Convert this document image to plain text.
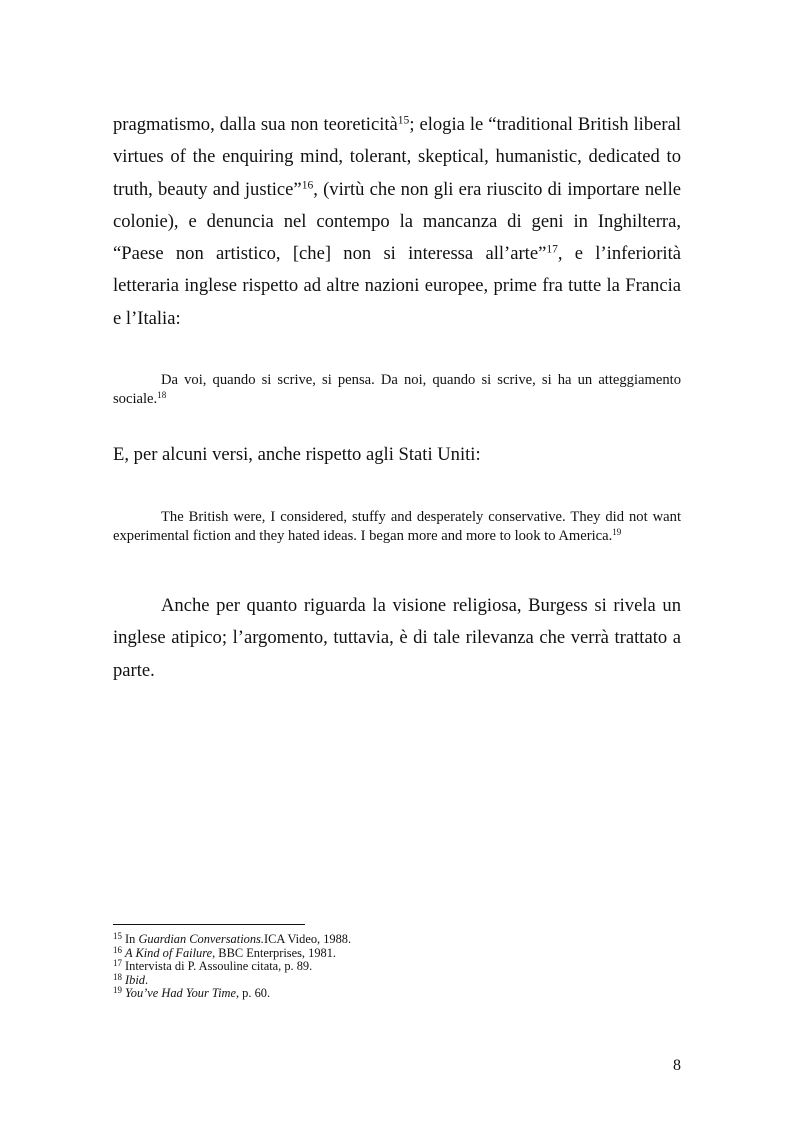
pragmatismo, dalla sua non teoreticità$^{15}$; elogia le “traditional British liberal virtues of the enquiring mind, tolerant, skeptical, humanistic, dedicated to truth, beauty and justice”$^{16}$, (virtù che non gli era riuscito di importare nelle colonie), e denuncia nel contempo la mancanza di geni in Inghilterra, “Paese non artistico, [che] non si interessa all’arte”$^{17}$, e l’inferiorità letteraria inglese rispetto ad altre nazioni europee, prime fra tutte la Francia e l’Italia:

Da voi, quando si scrive, si pensa. Da noi, quando si scrive, si ha un atteggiamento sociale.$^{18}$

E, per alcuni versi, anche rispetto agli Stati Uniti:

The British were, I considered, stuffy and desperately conservative. They did not want experimental fiction and they hated ideas. I began more and more to look to America.$^{19}$

Anche per quanto riguarda la visione religiosa, Burgess si rivela un inglese atipico; l’argomento, tuttavia, è di tale rilevanza che verrà trattato a parte.

$^{15}$ In Guardian Conversations.ICA Video, 1988.
$^{16}$ A Kind of Failure, BBC Enterprises, 1981.
$^{17}$ Intervista di P. Assouline citata, p. 89.
$^{18}$ Ibid.
$^{19}$ You’ve Had Your Time, p. 60.
8
